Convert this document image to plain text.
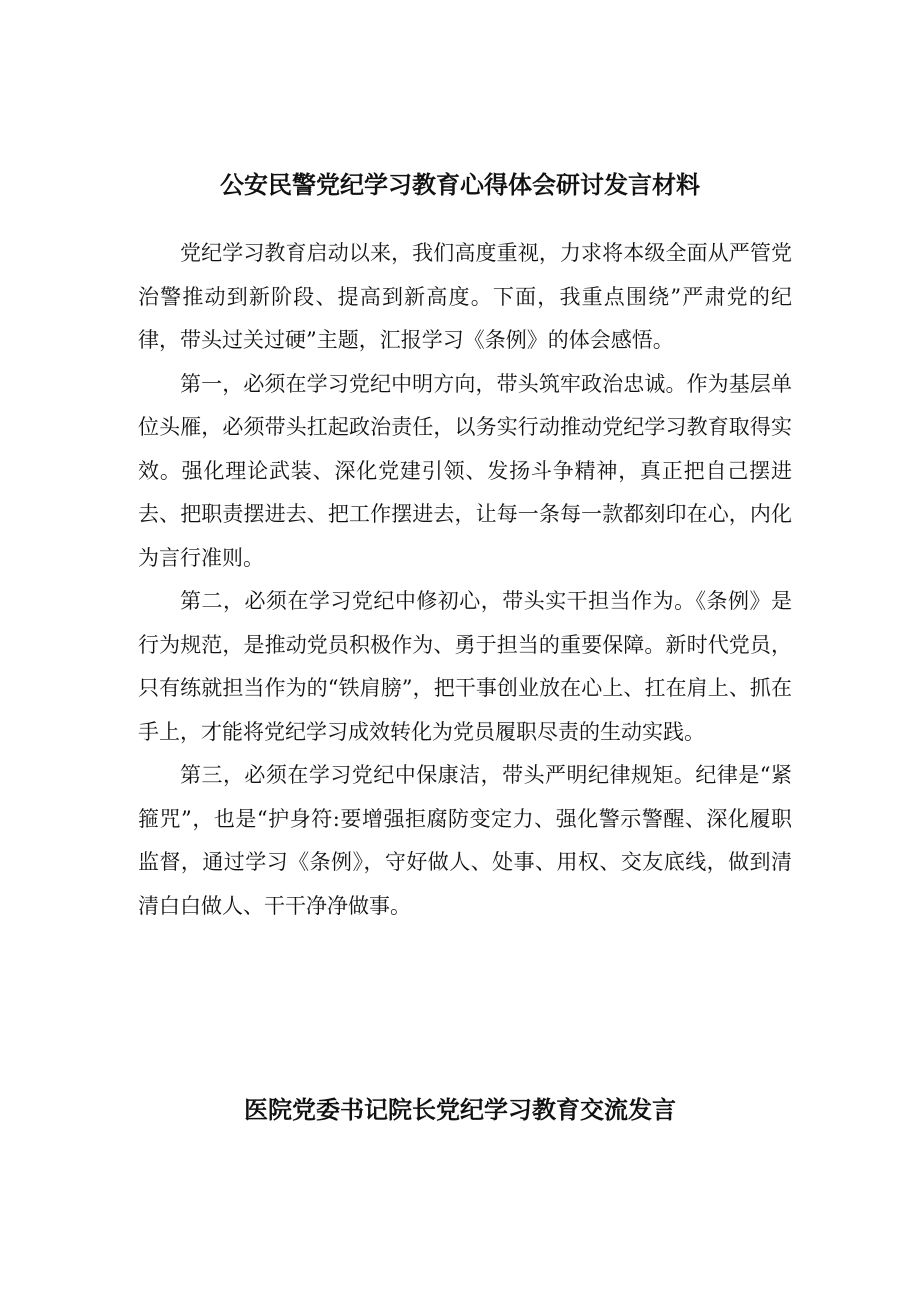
公安民警党纪学习教育心得体会研讨发言材料

党纪学习教育启动以来，我们高度重视，力求将本级全面从严管党治警推动到新阶段、提高到新高度。下面，我重点围绕”严肃党的纪律，带头过关过硬”主题，汇报学习《条例》的体会感悟。

第一，必须在学习党纪中明方向，带头筑牢政治忠诚。作为基层单位头雁，必须带头扛起政治责任，以务实行动推动党纪学习教育取得实效。强化理论武装、深化党建引领、发扬斗争精神，真正把自己摆进去、把职责摆进去、把工作摆进去，让每一条每一款都刻印在心，内化为言行准则。

第二，必须在学习党纪中修初心，带头实干担当作为。《条例》是行为规范，是推动党员积极作为、勇于担当的重要保障。新时代党员，只有练就担当作为的“铁肩膀”，把干事创业放在心上、扛在肩上、抓在手上，才能将党纪学习成效转化为党员履职尽责的生动实践。

第三，必须在学习党纪中保康洁，带头严明纪律规矩。纪律是“紧箍咒”，也是“护身符:要增强拒腐防变定力、强化警示警醒、深化履职监督，通过学习《条例》，守好做人、处事、用权、交友底线，做到清清白白做人、干干净净做事。

医院党委书记院长党纪学习教育交流发言
